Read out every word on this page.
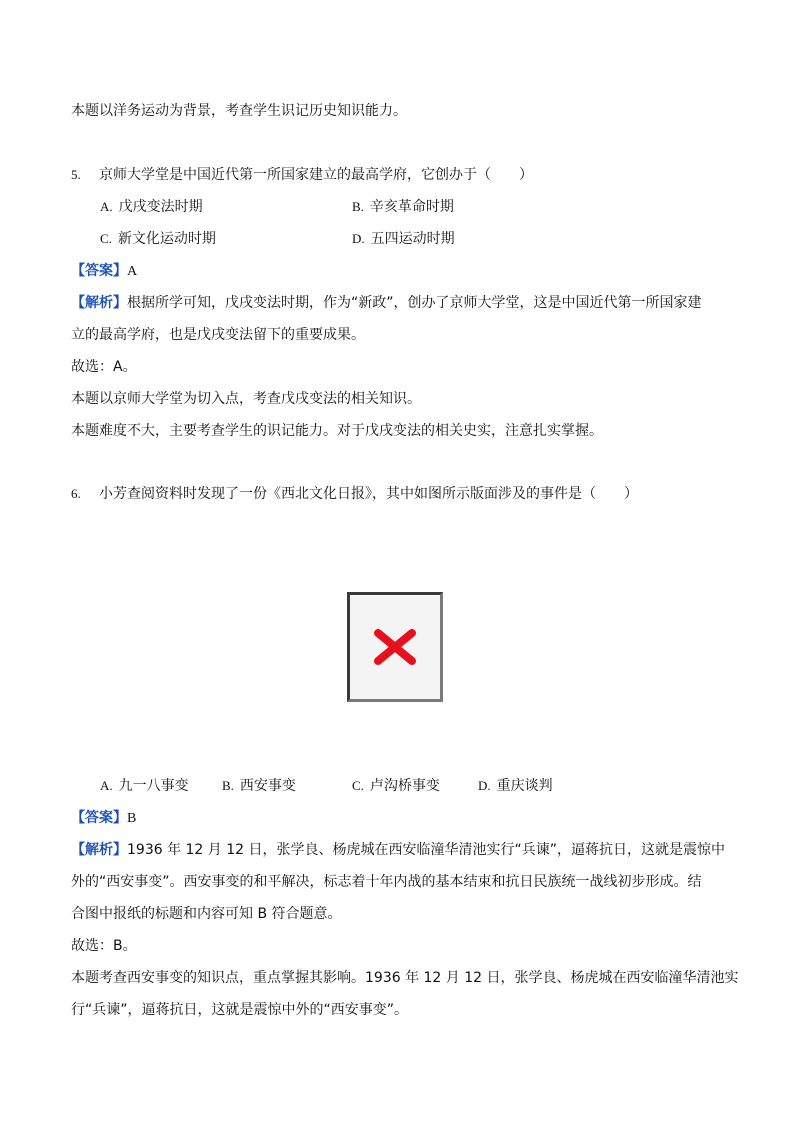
本题以洋务运动为背景，考查学生识记历史知识能力。
5. 京师大学堂是中国近代第一所国家建立的最高学府，它创办于（　　）
A. 戊戌变法时期	B. 辛亥革命时期
C. 新文化运动时期	D. 五四运动时期
【答案】A
【解析】根据所学可知，戊戌变法时期，作为“新政”，创办了京师大学堂，这是中国近代第一所国家建
立的最高学府，也是戊戌变法留下的重要成果。
故选：A。
本题以京师大学堂为切入点，考查戊戌变法的相关知识。
本题难度不大，主要考查学生的识记能力。对于戊戌变法的相关史实，注意扎实掌握。
6. 小芳查阅资料时发现了一份《西北文化日报》，其中如图所示版面涉及的事件是（　　）
A. 九一八事变	B. 西安事变	C. 卢沟桥事变	D. 重庆谈判
【答案】B
【解析】1936 年 12 月 12 日，张学良、杨虎城在西安临潼华清池实行“兵谏”，逼蒋抗日，这就是震惊中
外的“西安事变”。西安事变的和平解决，标志着十年内战的基本结束和抗日民族统一战线初步形成。结
合图中报纸的标题和内容可知 B 符合题意。
故选：B。
本题考查西安事变的知识点，重点掌握其影响。1936 年 12 月 12 日，张学良、杨虎城在西安临潼华清池实
行“兵谏”，逼蒋抗日，这就是震惊中外的“西安事变”。
